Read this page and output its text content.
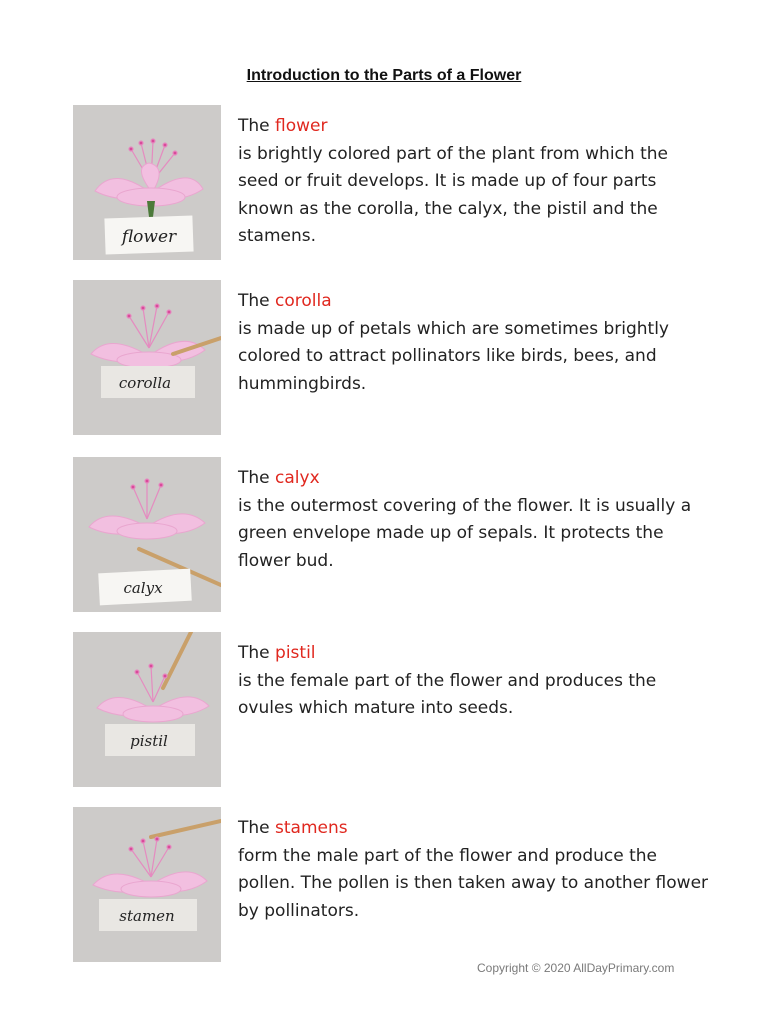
Introduction to the Parts of a Flower
flower
The flower
is brightly colored part of the plant from which the seed or fruit develops. It is made up of four parts known as the corolla, the calyx, the pistil and the stamens.
corolla
The corolla
is made up of petals which are sometimes brightly colored to attract pollinators like birds, bees, and hummingbirds.
calyx
The calyx
is the outermost covering of the flower. It is usually a green envelope made up of sepals. It protects the flower bud.
pistil
The pistil
is the female part of the flower and produces the ovules which mature into seeds.
stamen
The stamens
form the male part of the flower and produce the pollen. The pollen is then taken away to another flower by pollinators.
Copyright © 2020 AllDayPrimary.com
